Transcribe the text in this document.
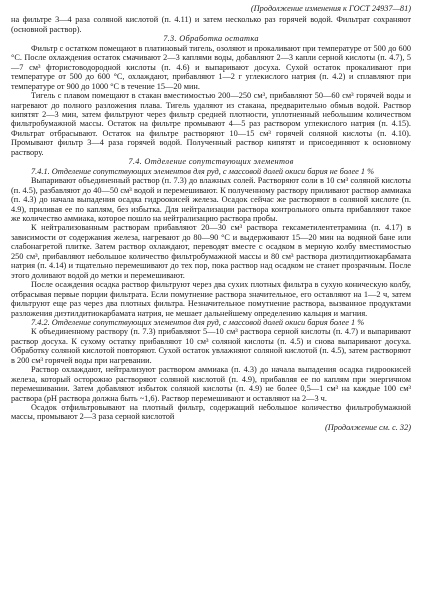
(Продолжение изменения к ГОСТ 24937—81)

на фильтре 3—4 раза соляной кислотой (п. 4.11) и затем несколько раз горячей водой. Фильтрат сохраняют (основной раствор).

7.3. Обработка остатка

Фильтр с остатком помещают в платиновый тигель, озоляют и прокаливают при температуре от 500 до 600 °С. После охлаждения остаток смачивают 2—3 каплями воды, добавляют 2—3 капли серной кислоты (п. 4.7), 5—7 см³ фтористоводородной кислоты (п. 4.6) и выпаривают досуха. Сухой остаток прокаливают при температуре от 500 до 600 °С, охлаждают, прибавляют 1—2 г углекислого натрия (п. 4.2) и сплавляют при температуре от 900 до 1000 °С в течение 15—20 мин.

Тигель с плавом помещают в стакан вместимостью 200—250 см³, прибавляют 50—60 см³ горячей воды и нагревают до полного разложения плава. Тигель удаляют из стакана, предварительно обмыв водой. Раствор кипятят 2—3 мин, затем фильтруют через фильтр средней плотности, уплотненный небольшим количеством фильтробумажной массы. Остаток на фильтре промывают 4—5 раз раствором углекислого натрия (п. 4.15). Фильтрат отбрасывают. Остаток на фильтре растворяют 10—15 см³ горячей соляной кислоты (п. 4.10). Промывают фильтр 3—4 раза горячей водой. Полученный раствор кипятят и присоединяют к основному раствору.

7.4. Отделение сопутствующих элементов

7.4.1. Отделение сопутствующих элементов для руд, с массовой долей окиси бария не более 1 %

Выпаривают объединенный раствор (п. 7.3) до влажных солей. Растворяют соли в 10 см³ соляной кислоты (п. 4.5), разбавляют до 40—50 см³ водой и перемешивают. К полученному раствору приливают раствор аммиака (п. 4.3) до начала выпадения осадка гидроокисей железа. Осадок сейчас же растворяют в соляной кислоте (п. 4.9), приливая ее по каплям, без избытка. Для нейтрализации раствора контрольного опыта прибавляют такое же количество аммиака, которое пошло на нейтрализацию раствора пробы.

К нейтрализованным растворам прибавляют 20—30 см³ раствора гексаметилентетрамина (п. 4.17) в зависимости от содержания железа, нагревают до 80—90 °С и выдерживают 15—20 мин на водяной бане или слабонагретой плитке. Затем раствор охлаждают, переводят вместе с осадком в мерную колбу вместимостью 250 см³, прибавляют небольшое количество фильтробумажной массы и 80 см³ раствора диэтилдитиокарбамата натрия (п. 4.14) и тщательно перемешивают до тех пор, пока раствор над осадком не станет прозрачным. После этого доливают водой до метки и перемешивают.

После осаждения осадка раствор фильтруют через два сухих плотных фильтра в сухую коническую колбу, отбрасывая первые порции фильтрата. Если помутнение раствора значительное, его оставляют на 1—2 ч, затем фильтруют еще раз через два плотных фильтра. Незначительное помутнение раствора, вызванное продуктами разложения диэтилдитиокарбамата натрия, не мешает дальнейшему определению кальция и магния.

7.4.2. Отделение сопутствующих элементов для руд, с массовой долей окиси бария более 1 %

К объединенному раствору (п. 7.3) прибавляют 5—10 см³ раствора серной кислоты (п. 4.7) и выпаривают раствор досуха. К сухому остатку прибавляют 10 см³ соляной кислоты (п. 4.5) и снова выпаривают досуха. Обработку соляной кислотой повторяют. Сухой остаток увлажняют соляной кислотой (п. 4.5), затем растворяют в 200 см³ горячей воды при нагревании.

Раствор охлаждают, нейтрализуют раствором аммиака (п. 4.3) до начала выпадения осадка гидроокисей железа, который осторожно растворяют соляной кислотой (п. 4.9), прибавляя ее по каплям при энергичном перемешивании. Затем добавляют избыток соляной кислоты (п. 4.9) не более 0,5—1 см³ на каждые 100 см³ раствора (рН раствора должна быть ~1,6). Раствор перемешивают и оставляют на 2—3 ч.

Осадок отфильтровывают на плотный фильтр, содержащий небольшое количество фильтробумажной массы, промывают 2—3 раза серной кислотой

(Продолжение см. с. 32)
